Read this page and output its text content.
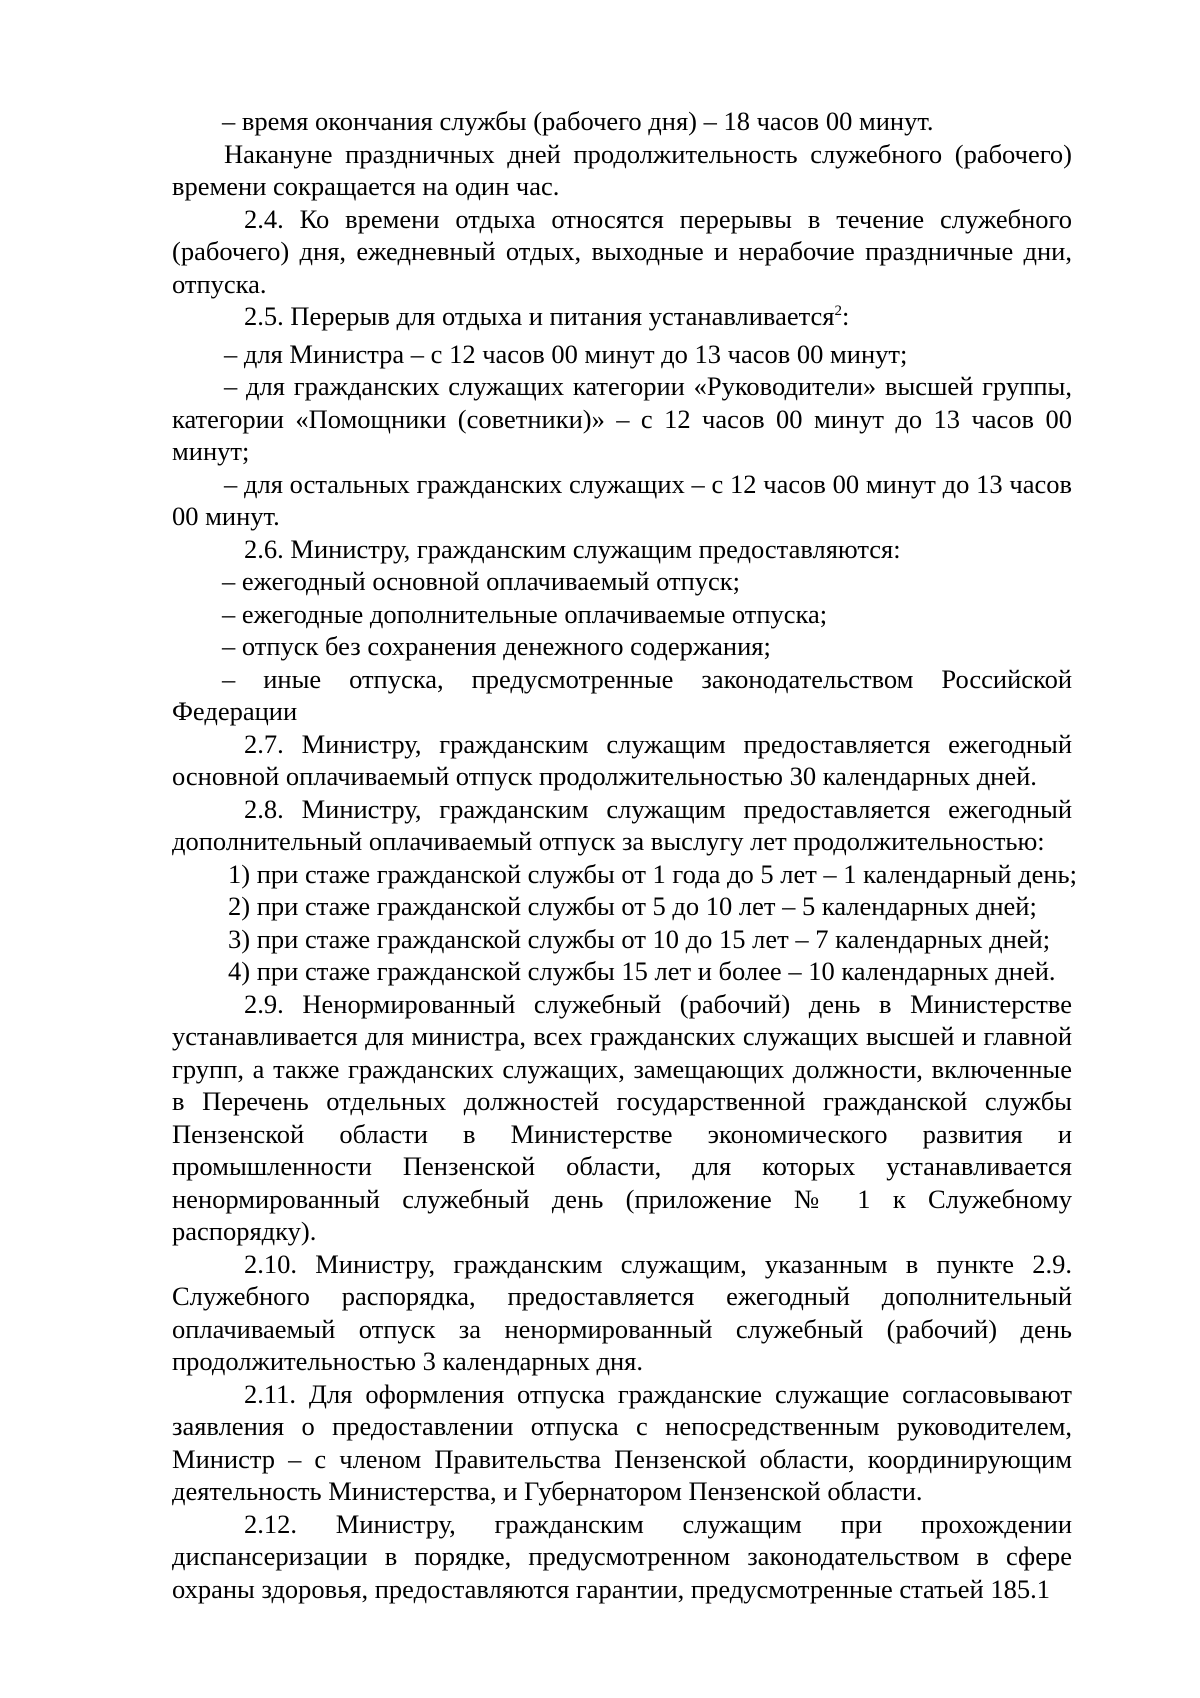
– время окончания службы (рабочего дня) – 18 часов 00 минут.

Накануне праздничных дней продолжительность служебного (рабочего) времени сокращается на один час.

2.4. Ко времени отдыха относятся перерывы в течение служебного (рабочего) дня, ежедневный отдых, выходные и нерабочие праздничные дни, отпуска.

2.5. Перерыв для отдыха и питания устанавливается$^2$:

– для Министра – с 12 часов 00 минут до 13 часов 00 минут;

– для гражданских служащих категории «Руководители» высшей группы, категории «Помощники (советники)» – с 12 часов 00 минут до 13 часов 00 минут;

– для остальных гражданских служащих – с 12 часов 00 минут до 13 часов 00 минут.

2.6. Министру, гражданским служащим предоставляются:

– ежегодный основной оплачиваемый отпуск;

– ежегодные дополнительные оплачиваемые отпуска;

– отпуск без сохранения денежного содержания;

– иные отпуска, предусмотренные законодательством Российской Федерации

2.7. Министру, гражданским служащим предоставляется ежегодный основной оплачиваемый отпуск продолжительностью 30 календарных дней.

2.8. Министру, гражданским служащим предоставляется ежегодный дополнительный оплачиваемый отпуск за выслугу лет продолжительностью:

1) при стаже гражданской службы от 1 года до 5 лет – 1 календарный день;

2) при стаже гражданской службы от 5 до 10 лет – 5 календарных дней;

3) при стаже гражданской службы от 10 до 15 лет – 7 календарных дней;

4) при стаже гражданской службы 15 лет и более – 10 календарных дней.

2.9. Ненормированный служебный (рабочий) день в Министерстве устанавливается для министра, всех гражданских служащих высшей и главной групп, а также гражданских служащих, замещающих должности, включенные в Перечень отдельных должностей государственной гражданской службы Пензенской области в Министерстве экономического развития и промышленности Пензенской области, для которых устанавливается ненормированный служебный день (приложение № 1 к Служебному распорядку).

2.10. Министру, гражданским служащим, указанным в пункте 2.9. Служебного распорядка, предоставляется ежегодный дополнительный оплачиваемый отпуск за ненормированный служебный (рабочий) день продолжительностью 3 календарных дня.

2.11. Для оформления отпуска гражданские служащие согласовывают заявления о предоставлении отпуска с непосредственным руководителем, Министр – с членом Правительства Пензенской области, координирующим деятельность Министерства, и Губернатором Пензенской области.

2.12. Министру, гражданским служащим при прохождении диспансеризации в порядке, предусмотренном законодательством в сфере охраны здоровья, предоставляются гарантии, предусмотренные статьей 185.1
